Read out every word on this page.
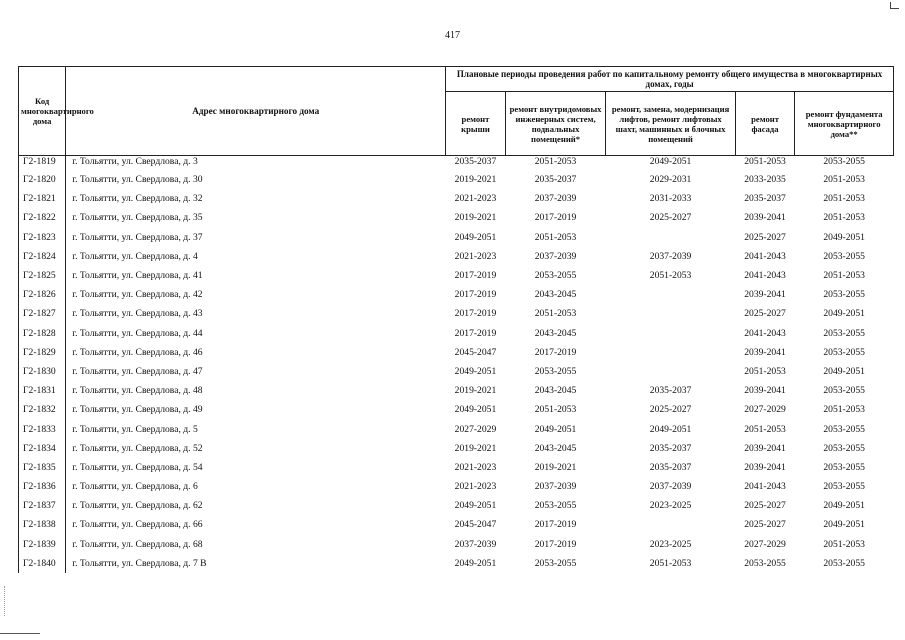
417
Код многоквартирного дома	Адрес многоквартирного дома	Плановые периоды проведения работ по капитальному ремонту общего имущества в многоквартирных домах, годы				
		ремонт крыши	ремонт внутридомовых инженерных систем, подвальных помещений*	ремонт, замена, модернизация лифтов, ремонт лифтовых шахт, машинных и блочных помещений	ремонт фасада	ремонт фундамента многоквартирного дома**
Г2-1819	г. Тольятти, ул. Свердлова, д. 3	2035-2037	2051-2053	2049-2051	2051-2053	2053-2055
Г2-1820	г. Тольятти, ул. Свердлова, д. 30	2019-2021	2035-2037	2029-2031	2033-2035	2051-2053
Г2-1821	г. Тольятти, ул. Свердлова, д. 32	2021-2023	2037-2039	2031-2033	2035-2037	2051-2053
Г2-1822	г. Тольятти, ул. Свердлова, д. 35	2019-2021	2017-2019	2025-2027	2039-2041	2051-2053
Г2-1823	г. Тольятти, ул. Свердлова, д. 37	2049-2051	2051-2053		2025-2027	2049-2051
Г2-1824	г. Тольятти, ул. Свердлова, д. 4	2021-2023	2037-2039	2037-2039	2041-2043	2053-2055
Г2-1825	г. Тольятти, ул. Свердлова, д. 41	2017-2019	2053-2055	2051-2053	2041-2043	2051-2053
Г2-1826	г. Тольятти, ул. Свердлова, д. 42	2017-2019	2043-2045		2039-2041	2053-2055
Г2-1827	г. Тольятти, ул. Свердлова, д. 43	2017-2019	2051-2053		2025-2027	2049-2051
Г2-1828	г. Тольятти, ул. Свердлова, д. 44	2017-2019	2043-2045		2041-2043	2053-2055
Г2-1829	г. Тольятти, ул. Свердлова, д. 46	2045-2047	2017-2019		2039-2041	2053-2055
Г2-1830	г. Тольятти, ул. Свердлова, д. 47	2049-2051	2053-2055		2051-2053	2049-2051
Г2-1831	г. Тольятти, ул. Свердлова, д. 48	2019-2021	2043-2045	2035-2037	2039-2041	2053-2055
Г2-1832	г. Тольятти, ул. Свердлова, д. 49	2049-2051	2051-2053	2025-2027	2027-2029	2051-2053
Г2-1833	г. Тольятти, ул. Свердлова, д. 5	2027-2029	2049-2051	2049-2051	2051-2053	2053-2055
Г2-1834	г. Тольятти, ул. Свердлова, д. 52	2019-2021	2043-2045	2035-2037	2039-2041	2053-2055
Г2-1835	г. Тольятти, ул. Свердлова, д. 54	2021-2023	2019-2021	2035-2037	2039-2041	2053-2055
Г2-1836	г. Тольятти, ул. Свердлова, д. 6	2021-2023	2037-2039	2037-2039	2041-2043	2053-2055
Г2-1837	г. Тольятти, ул. Свердлова, д. 62	2049-2051	2053-2055	2023-2025	2025-2027	2049-2051
Г2-1838	г. Тольятти, ул. Свердлова, д. 66	2045-2047	2017-2019		2025-2027	2049-2051
Г2-1839	г. Тольятти, ул. Свердлова, д. 68	2037-2039	2017-2019	2023-2025	2027-2029	2051-2053
Г2-1840	г. Тольятти, ул. Свердлова, д. 7 В	2049-2051	2053-2055	2051-2053	2053-2055	2053-2055
